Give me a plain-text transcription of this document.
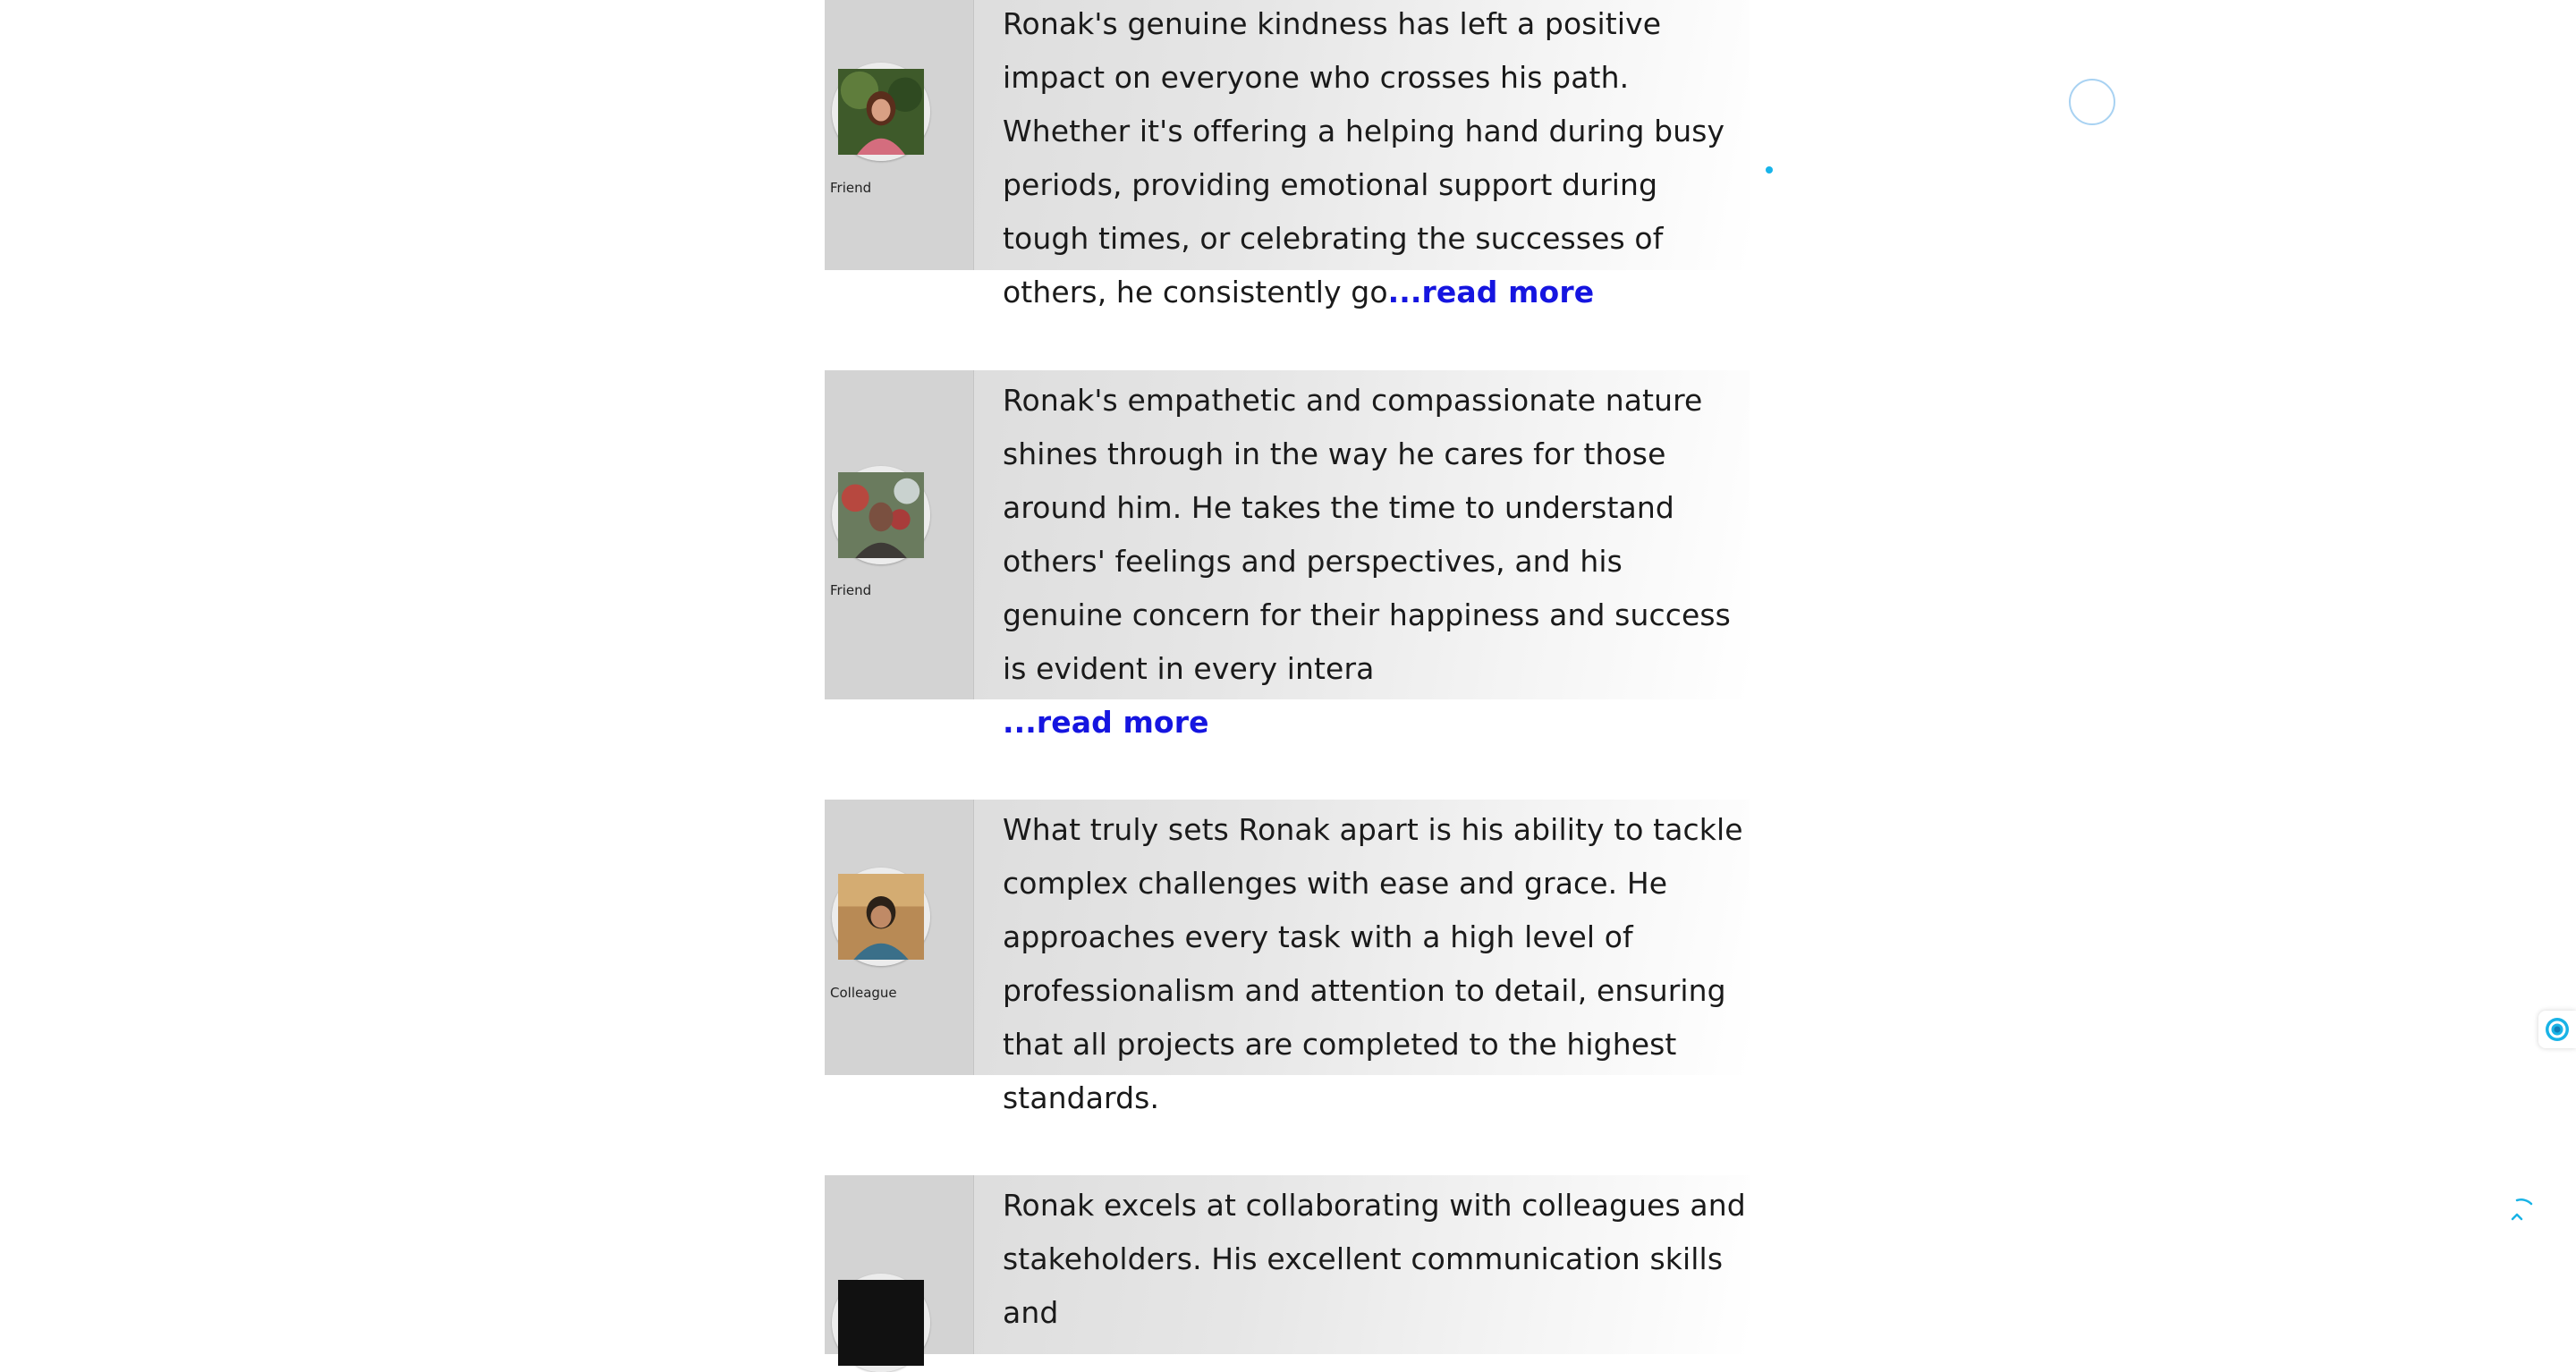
Friend

Ronak's genuine kindness has left a positive impact on everyone who crosses his path. Whether it's offering a helping hand during busy periods, providing emotional support during tough times, or celebrating the successes of others, he consistently go...read more

Friend

Ronak's empathetic and compassionate nature shines through in the way he cares for those around him. He takes the time to understand others' feelings and perspectives, and his genuine concern for their happiness and success is evident in every intera
...read more

Colleague

What truly sets Ronak apart is his ability to tackle complex challenges with ease and grace. He approaches every task with a high level of professionalism and attention to detail, ensuring that all projects are completed to the highest standards.

Ronak excels at collaborating with colleagues and stakeholders. His excellent communication skills and
